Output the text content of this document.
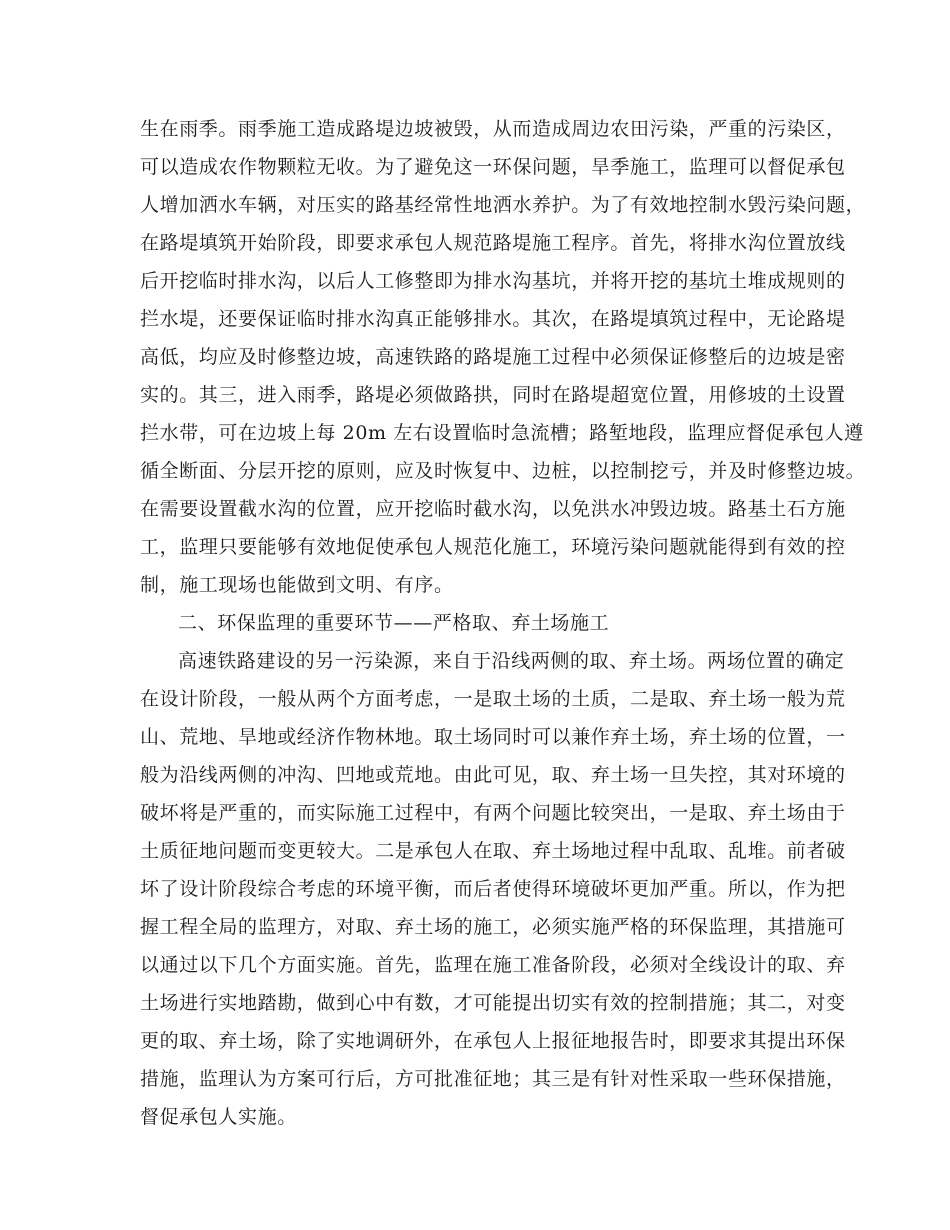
生在雨季。雨季施工造成路堤边坡被毁，从而造成周边农田污染，严重的污染区，
可以造成农作物颗粒无收。为了避免这一环保问题，旱季施工，监理可以督促承包
人增加洒水车辆，对压实的路基经常性地洒水养护。为了有效地控制水毁污染问题，
在路堤填筑开始阶段，即要求承包人规范路堤施工程序。首先，将排水沟位置放线
后开挖临时排水沟，以后人工修整即为排水沟基坑，并将开挖的基坑土堆成规则的
拦水堤，还要保证临时排水沟真正能够排水。其次，在路堤填筑过程中，无论路堤
高低，均应及时修整边坡，高速铁路的路堤施工过程中必须保证修整后的边坡是密
实的。其三，进入雨季，路堤必须做路拱，同时在路堤超宽位置，用修坡的土设置
拦水带，可在边坡上每 20m 左右设置临时急流槽；路堑地段，监理应督促承包人遵
循全断面、分层开挖的原则，应及时恢复中、边桩，以控制挖亏，并及时修整边坡。
在需要设置截水沟的位置，应开挖临时截水沟，以免洪水冲毁边坡。路基土石方施
工，监理只要能够有效地促使承包人规范化施工，环境污染问题就能得到有效的控
制，施工现场也能做到文明、有序。
二、环保监理的重要环节——严格取、弃土场施工
高速铁路建设的另一污染源，来自于沿线两侧的取、弃土场。两场位置的确定
在设计阶段，一般从两个方面考虑，一是取土场的土质，二是取、弃土场一般为荒
山、荒地、旱地或经济作物林地。取土场同时可以兼作弃土场，弃土场的位置，一
般为沿线两侧的冲沟、凹地或荒地。由此可见，取、弃土场一旦失控，其对环境的
破坏将是严重的，而实际施工过程中，有两个问题比较突出，一是取、弃土场由于
土质征地问题而变更较大。二是承包人在取、弃土场地过程中乱取、乱堆。前者破
坏了设计阶段综合考虑的环境平衡，而后者使得环境破坏更加严重。所以，作为把
握工程全局的监理方，对取、弃土场的施工，必须实施严格的环保监理，其措施可
以通过以下几个方面实施。首先，监理在施工准备阶段，必须对全线设计的取、弃
土场进行实地踏勘，做到心中有数，才可能提出切实有效的控制措施；其二，对变
更的取、弃土场，除了实地调研外，在承包人上报征地报告时，即要求其提出环保
措施，监理认为方案可行后，方可批准征地；其三是有针对性采取一些环保措施，
督促承包人实施。
